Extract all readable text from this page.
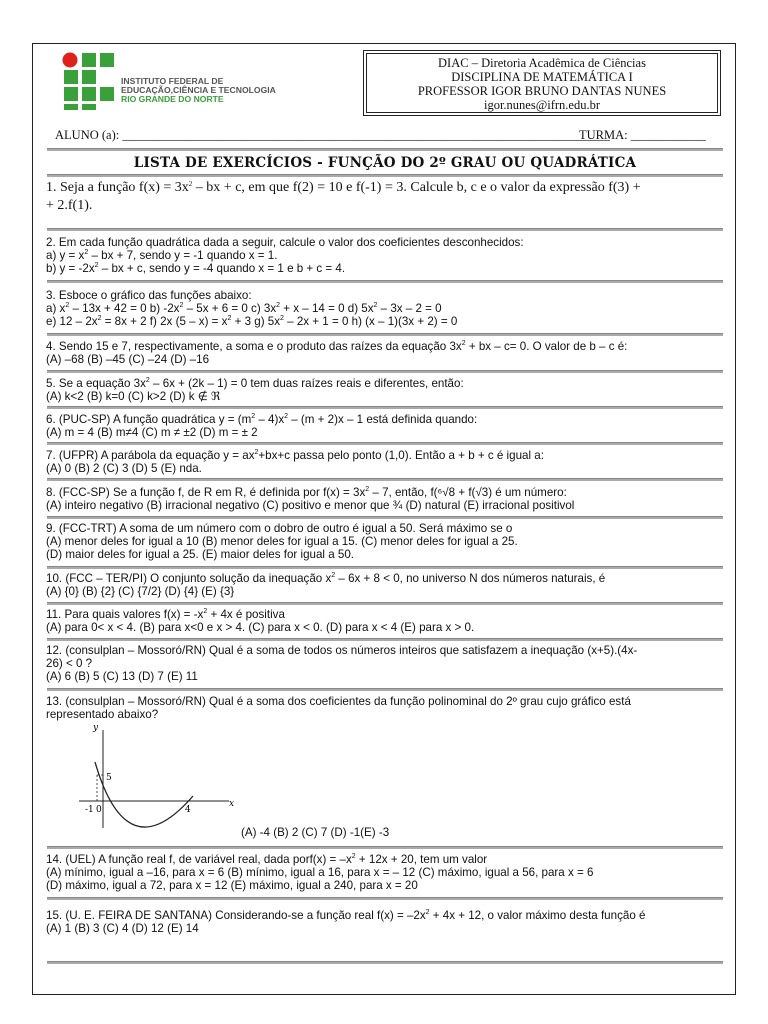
INSTITUTO FEDERAL DE
EDUCAÇÃO,CIÊNCIA E TECNOLOGIA
RIO GRANDE DO NORTE
DIAC – Diretoria Acadêmica de Ciências
DISCIPLINA DE MATEMÁTICA I
PROFESSOR IGOR BRUNO DANTAS NUNES
igor.nunes@ifrn.edu.br
ALUNO (a): ______________________________________________________________________________
TURMA: ____________
LISTA DE EXERCÍCIOS - FUNÇÃO DO 2º GRAU OU QUADRÁTICA
1. Seja a função $f(x) = 3x^2$ – bx + c, em que f(2) = 10 e f(-1) = 3. Calcule b, c e o valor da expressão f(3) +
+ 2.f(1).
2. Em cada função quadrática dada a seguir, calcule o valor dos coeficientes desconhecidos:
a) $y = x^2$ – bx + 7, sendo y = -1 quando x = 1.
b) $y = -2x^2$ – bx + c, sendo y = -4 quando x = 1 e b + c = 4.
3. Esboce o gráfico das funções abaixo:
a) $x^2 - 13x + 42 = 0$ b) $-2x^2 - 5x + 6 = 0$ c) $3x^2 + x - 14 = 0$ d) $5x^2 - 3x - 2 = 0$
e) $12 - 2x^2 = 8x + 2$ f) 2x $(5 - x) = x^2 + 3$ g) $5x^2 - 2x + 1 = 0$ h) (x – 1)(3x + 2) = 0
4. Sendo 15 e 7, respectivamente, a soma e o produto das raízes da equação $3x^2$ + bx – c= 0. O valor de b – c é:
(A) –68 (B) –45 (C) –24 (D) –16
5. Se a equação $3x^2 - 6x + (2k - 1) = 0$ tem duas raízes reais e diferentes, então:
(A) k<2 (B) k=0 (C) k>2 (D) k ∉ ℜ
6. (PUC-SP) A função quadrática $y = (m^2 - 4)x^2 - (m + 2)x - 1$ está definida quando:
(A) m = 4 (B) m≠4 (C) m ≠ ±2 (D) m = ± 2
7. (UFPR) A parábola da equação $y = ax^2+bx+c$ passa pelo ponto (1,0). Então a + b + c é igual a:
(A) 0 (B) 2 (C) 3 (D) 5 (E) nda.
8. (FCC-SP) Se a função f, de R em R, é definida por $f(x) = 3x^2 - 7$, então, f(⁶√8 + f(√3) é um número:
(A) inteiro negativo (B) irracional negativo (C) positivo e menor que ¾ (D) natural (E) irracional positivol
9. (FCC-TRT) A soma de um número com o dobro de outro é igual a 50. Será máximo se o
(A) menor deles for igual a 10 (B) menor deles for igual a 15. (C) menor deles for igual a 25.
(D) maior deles for igual a 25. (E) maior deles for igual a 50.
10. (FCC – TER/PI) O conjunto solução da inequação $x^2 - 6x + 8 < 0$, no universo N dos números naturais, é
(A) {0} (B) {2} (C) {7/2} (D) {4} (E) {3}
11. Para quais valores $f(x) = -x^2 + 4x$ é positiva
(A) para 0< x < 4. (B) para x<0 e x > 4. (C) para x < 0. (D) para x < 4 (E) para x > 0.
12. (consulplan – Mossoró/RN) Qual é a soma de todos os números inteiros que satisfazem a inequação (x+5).(4x-
26) < 0 ?
(A) 6 (B) 5 (C) 13 (D) 7 (E) 11
13. (consulplan – Mossoró/RN) Qual é a soma dos coeficientes da função polinominal do 2º grau cujo gráfico está
representado abaixo?
y
x
5
-1 0	4
(A) -4 (B) 2 (C) 7 (D) -1(E) -3
14. (UEL) A função real f, de variável real, dada porf(x) = $-x^2 + 12x + 20$, tem um valor
(A) mínimo, igual a –16, para x = 6 (B) mínimo, igual a 16, para x = – 12 (C) máximo, igual a 56, para x = 6
(D) máximo, igual a 72, para x = 12 (E) máximo, igual a 240, para x = 20
15. (U. E. FEIRA DE SANTANA) Considerando-se a função real $f(x) = -2x^2 + 4x + 12$, o valor máximo desta função é
(A) 1 (B) 3 (C) 4 (D) 12 (E) 14
